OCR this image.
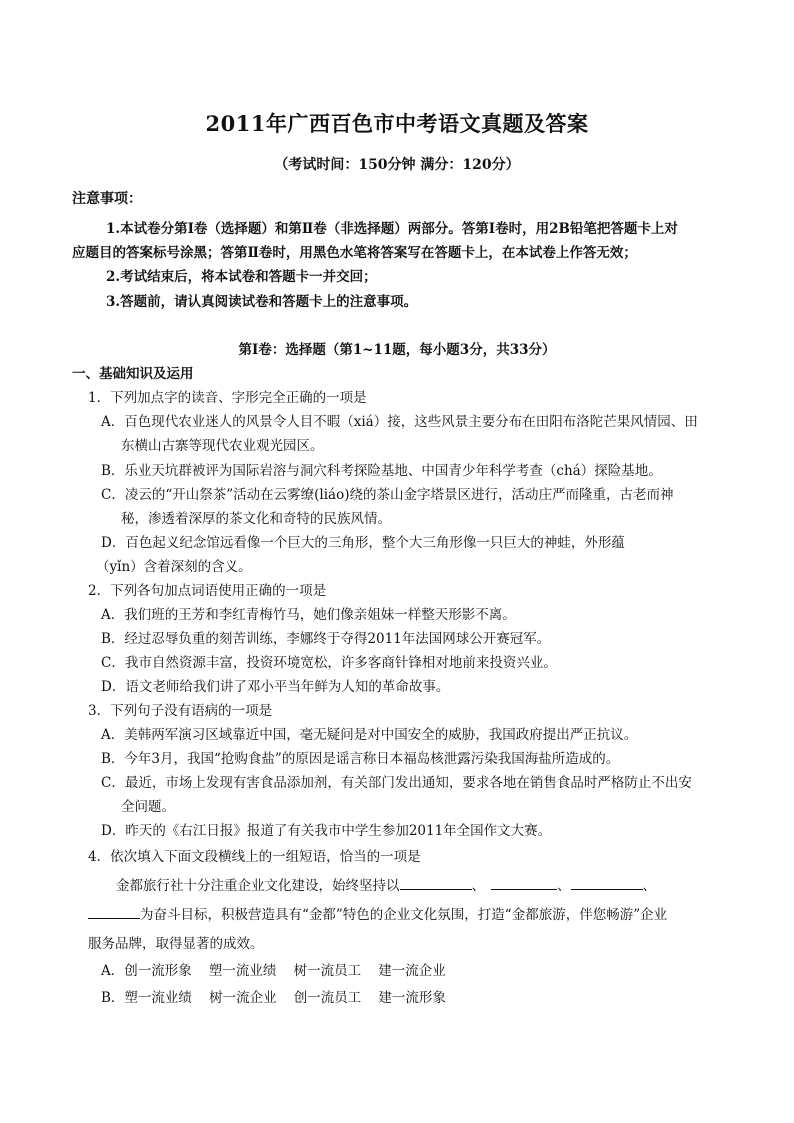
2011年广西百色市中考语文真题及答案
（考试时间：150分钟 满分：120分）
注意事项：
1.本试卷分第Ⅰ卷（选择题）和第Ⅱ卷（非选择题）两部分。答第Ⅰ卷时，用2B铅笔把答题卡上对
应题目的答案标号涂黑；答第Ⅱ卷时，用黑色水笔将答案写在答题卡上，在本试卷上作答无效；
2.考试结束后，将本试卷和答题卡一并交回；
3.答题前，请认真阅读试卷和答题卡上的注意事项。
第Ⅰ卷：选择题（第1~11题，每小题3分，共33分）
一、基础知识及运用
1．下列加点字的读音、字形完全正确的一项是
A．百色现代农业迷人的风景令人目不暇（xiá）接，这些风景主要分布在田阳布洛陀芒果风情园、田
东横山古寨等现代农业观光园区。
B．乐业天坑群被评为国际岩溶与洞穴科考探险基地、中国青少年科学考查（chá）探险基地。
C．凌云的“开山祭茶”活动在云雾缭(liáo)绕的茶山金字塔景区进行，活动庄严而隆重，古老而神
秘，渗透着深厚的茶文化和奇特的民族风情。
D．百色起义纪念馆远看像一个巨大的三角形，整个大三角形像一只巨大的神蛙，外形蕴
（yǐn）含着深刻的含义。
2．下列各句加点词语使用正确的一项是
A．我们班的王芳和李红青梅竹马，她们像亲姐妹一样整天形影不离。
B．经过忍辱负重的刻苦训练，李娜终于夺得2011年法国网球公开赛冠军。
C．我市自然资源丰富，投资环境宽松，许多客商针锋相对地前来投资兴业。
D．语文老师给我们讲了邓小平当年鲜为人知的革命故事。
3．下列句子没有语病的一项是
A．美韩两军演习区域靠近中国，毫无疑问是对中国安全的威胁，我国政府提出严正抗议。
B．今年3月，我国“抢购食盐”的原因是谣言称日本福岛核泄露污染我国海盐所造成的。
C．最近，市场上发现有害食品添加剂，有关部门发出通知，要求各地在销售食品时严格防止不出安
全问题。
D．昨天的《右江日报》报道了有关我市中学生参加2011年全国作文大赛。
4．依次填入下面文段横线上的一组短语，恰当的一项是
金都旅行社十分注重企业文化建设，始终坚持以	、	、	、
为奋斗目标，积极营造具有“金都”特色的企业文化氛围，打造“金都旅游，伴您畅游”企业
服务品牌，取得显著的成效。
A．创一流形象    塑一流业绩    树一流员工    建一流企业
B．塑一流业绩    树一流企业    创一流员工    建一流形象
